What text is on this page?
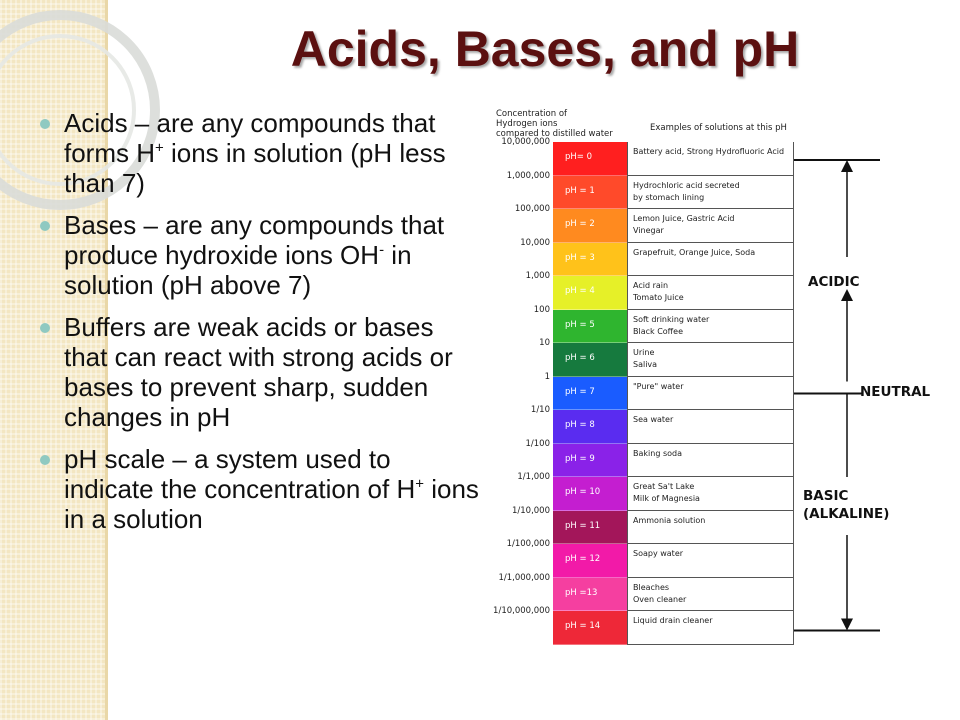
Acids, Bases, and pH
Acids – are any compounds that forms H+ ions in solution (pH less than 7)
Bases – are any compounds that produce hydroxide ions OH- in solution (pH above 7)
Buffers are weak acids or bases that can react with strong acids or bases to prevent sharp, sudden changes in pH
pH scale – a system used to indicate the concentration of H+ ions in a solution
Concentration of
Hydrogen ions
compared to distilled water
Examples of solutions at this pH
ACIDIC
NEUTRAL
BASIC
(ALKALINE)
10,000,000
pH= 0
Battery acid, Strong Hydrofluoric Acid
1,000,000
pH = 1
Hydrochloric acid secreted
by stomach lining
100,000
pH = 2
Lemon Juice, Gastric Acid
Vinegar
10,000
pH = 3
Grapefruit, Orange Juice, Soda
1,000
pH = 4
Acid rain
Tomato Juice
100
pH = 5
Soft drinking water
Black Coffee
10
pH = 6
Urine
Saliva
1
pH = 7
"Pure" water
1/10
pH = 8
Sea water
1/100
pH = 9
Baking soda
1/1,000
pH = 10
Great Sa't Lake
Milk of Magnesia
1/10,000
pH = 11
Ammonia solution
1/100,000
pH = 12
Soapy water
1/1,000,000
pH =13
Bleaches
Oven cleaner
1/10,000,000
pH = 14
Liquid drain cleaner
